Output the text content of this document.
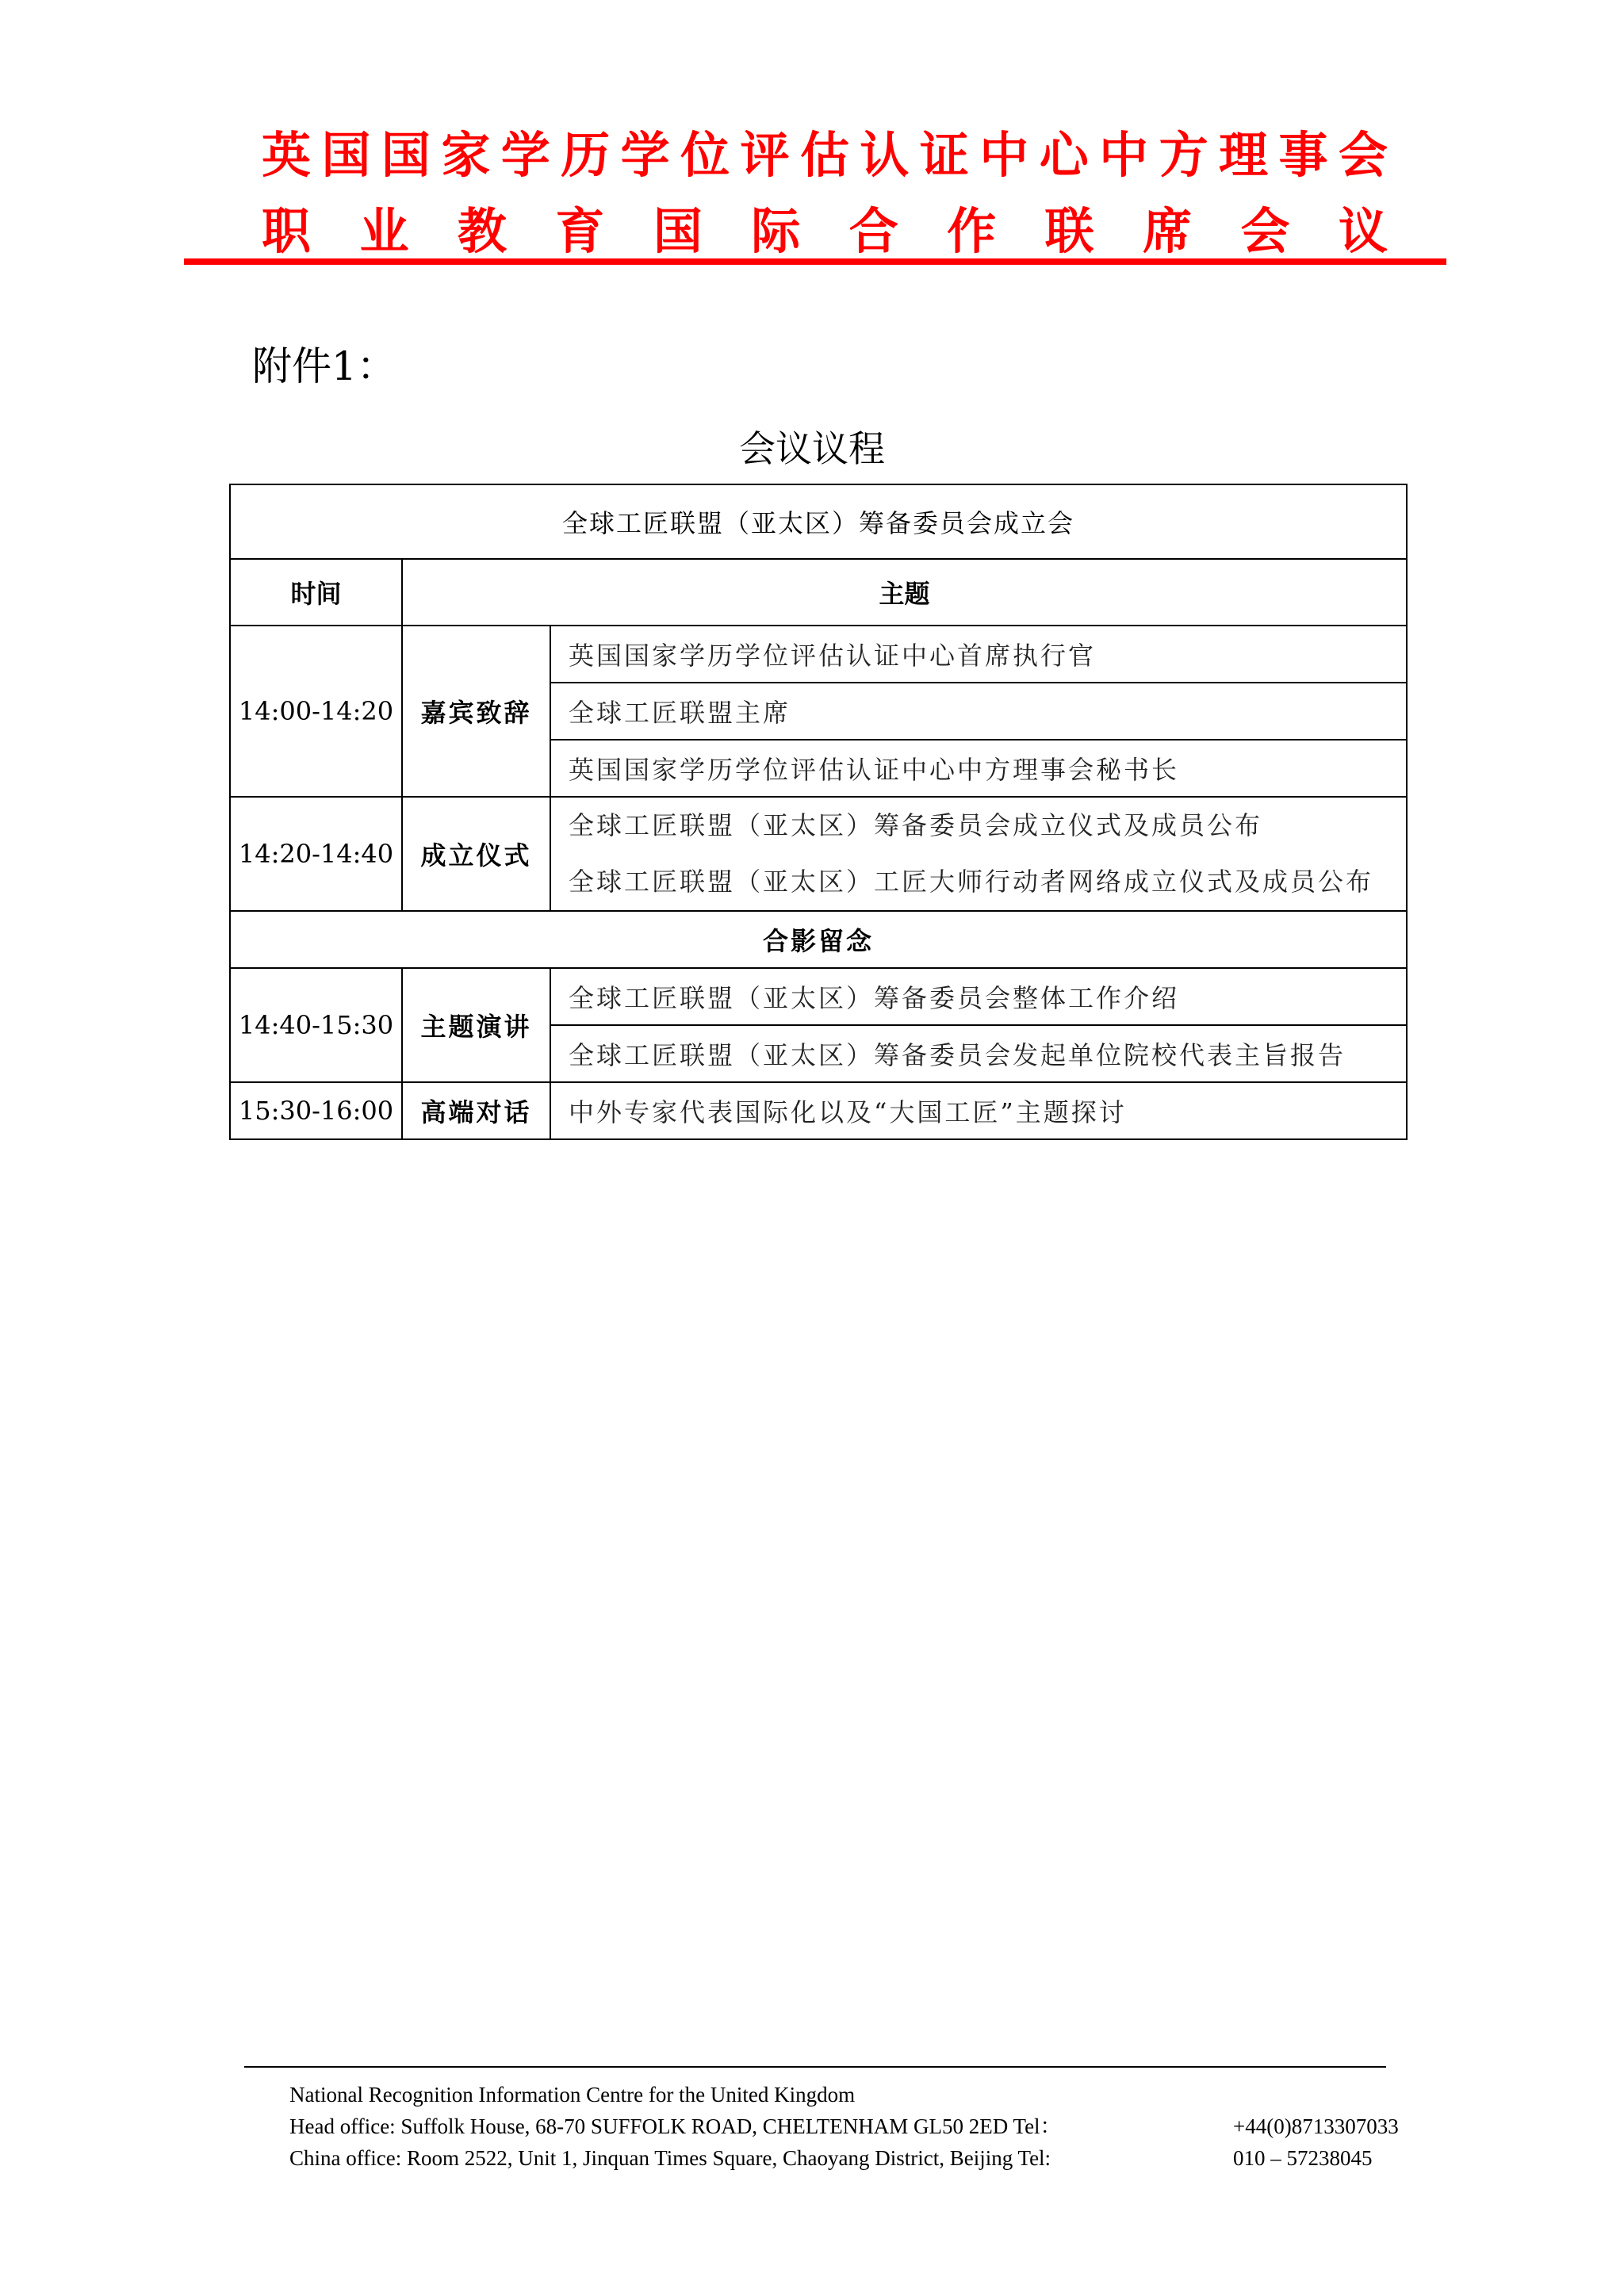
英 国 国 家 学 历 学 位 评 估 认 证 中 心 中 方 理 事 会
职 业 教 育 国 际 合 作 联 席 会 议
附件1：
会议议程
全球工匠联盟（亚太区）筹备委员会成立会		
时间	主题	
14:00-14:20	嘉宾致辞	英国国家学历学位评估认证中心首席执行官
		全球工匠联盟主席
		英国国家学历学位评估认证中心中方理事会秘书长
14:20-14:40	成立仪式	全球工匠联盟（亚太区）筹备委员会成立仪式及成员公布
全球工匠联盟（亚太区）工匠大师行动者网络成立仪式及成员公布

合影留念		
14:40-15:30	主题演讲	全球工匠联盟（亚太区）筹备委员会整体工作介绍
		全球工匠联盟（亚太区）筹备委员会发起单位院校代表主旨报告
15:30-16:00	高端对话	中外专家代表国际化以及“大国工匠”主题探讨
National Recognition Information Centre for the United Kingdom
Head office: Suffolk House, 68-70 SUFFOLK ROAD, CHELTENHAM GL50 2ED Tel：	+44(0)8713307033
China office: Room 2522, Unit 1, Jinquan Times Square, Chaoyang District, Beijing Tel:	010 – 57238045
